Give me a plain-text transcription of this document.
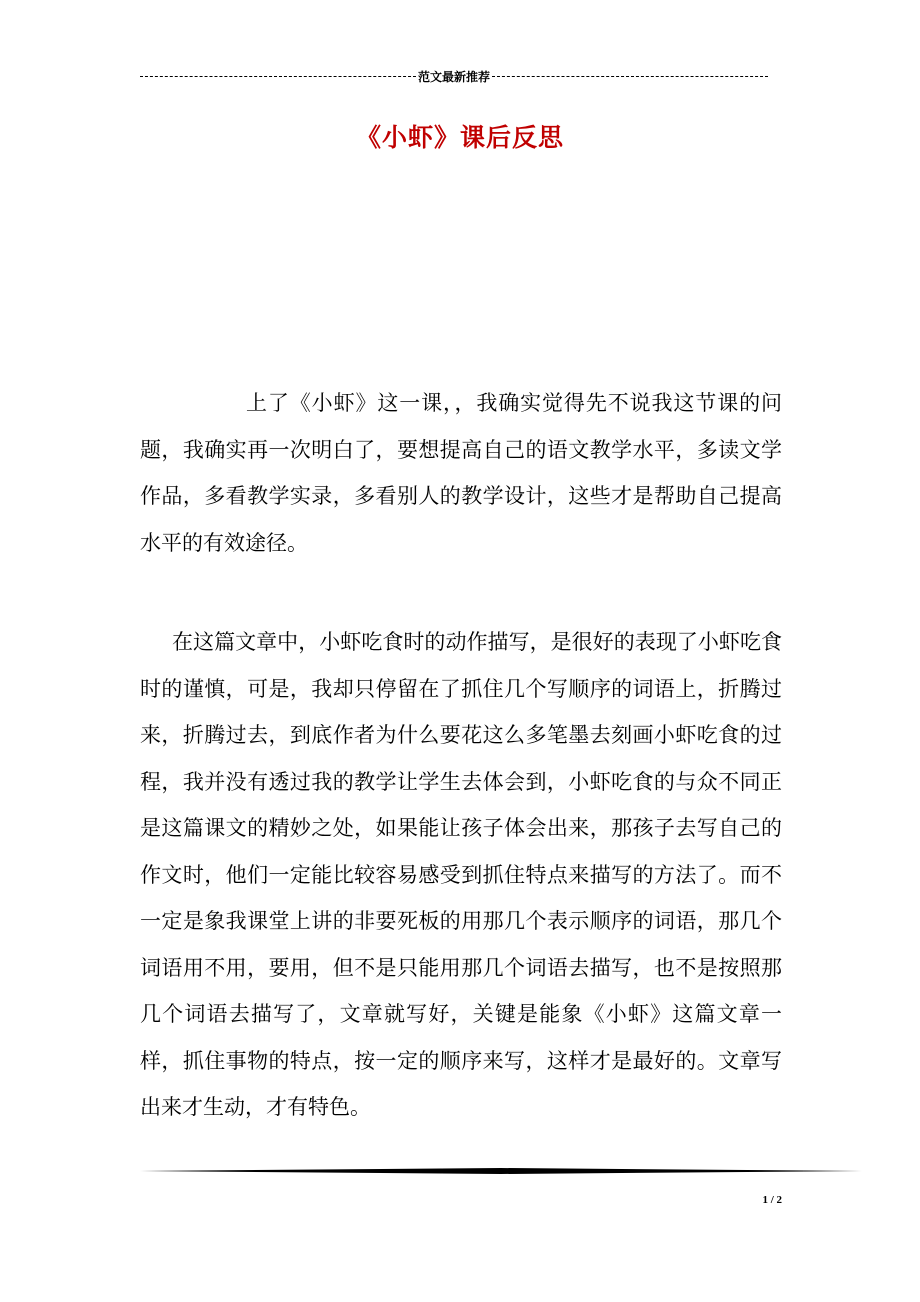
范文最新推荐
《小虾》课后反思
上了《小虾》这一课，，我确实觉得先不说我这节课的问题，我确实再一次明白了，要想提高自己的语文教学水平，多读文学作品，多看教学实录，多看别人的教学设计，这些才是帮助自己提高水平的有效途径。
在这篇文章中，小虾吃食时的动作描写，是很好的表现了小虾吃食时的谨慎，可是，我却只停留在了抓住几个写顺序的词语上，折腾过来，折腾过去，到底作者为什么要花这么多笔墨去刻画小虾吃食的过程，我并没有透过我的教学让学生去体会到，小虾吃食的与众不同正是这篇课文的精妙之处，如果能让孩子体会出来，那孩子去写自己的作文时，他们一定能比较容易感受到抓住特点来描写的方法了。而不一定是象我课堂上讲的非要死板的用那几个表示顺序的词语，那几个词语用不用，要用，但不是只能用那几个词语去描写，也不是按照那几个词语去描写了，文章就写好，关键是能象《小虾》这篇文章一样，抓住事物的特点，按一定的顺序来写，这样才是最好的。文章写出来才生动，才有特色。
1 / 2
